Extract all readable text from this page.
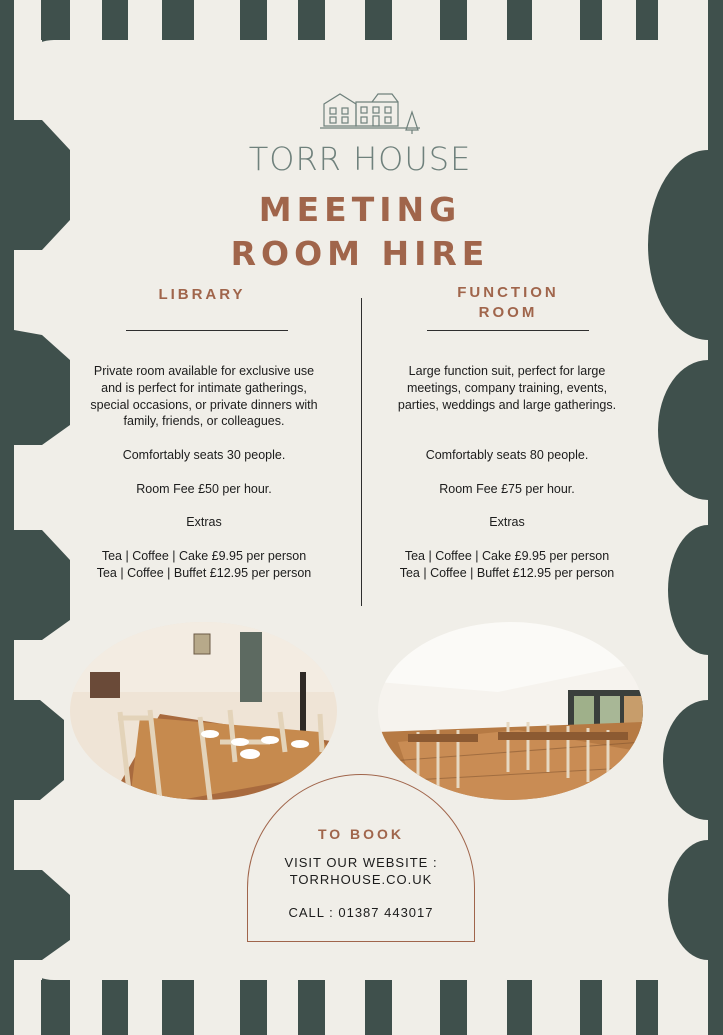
TORR HOUSE
MEETING
ROOM HIRE
LIBRARY

Private room available for exclusive use and is perfect for intimate gatherings, special occasions, or private dinners with family, friends, or colleagues.

Comfortably seats 30 people.

Room Fee £50 per hour.

Extras

Tea | Coffee | Cake £9.95 per person

Tea | Coffee | Buffet £12.95 per person

FUNCTION
ROOM

Large function suit, perfect for large meetings, company training, events, parties, weddings and large gatherings.

Comfortably seats 80 people.

Room Fee £75 per hour.

Extras

Tea | Coffee | Cake £9.95 per person

Tea | Coffee | Buffet £12.95 per person

TO BOOK
VISIT OUR WEBSITE :
TORRHOUSE.CO.UK
CALL : 01387 443017
